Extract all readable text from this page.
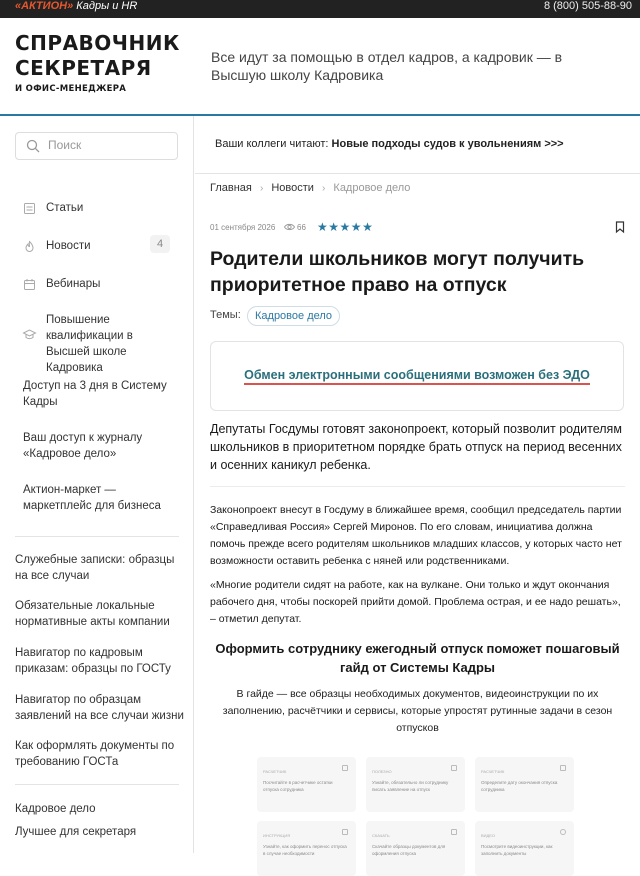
«АКТИОН» Кадры и HR	8 (800) 505-88-90
СПРАВОЧНИК
СЕКРЕТАРЯ
И ОФИС-МЕНЕДЖЕРА
Все идут за помощью в отдел кадров, а кадровик — в Высшую школу Кадровика
Поиск
Статьи
Новости	4
Вебинары
Повышение квалификации в Высшей школе Кадровика
Доступ на 3 дня в Систему Кадры
Ваш доступ к журналу «Кадровое дело»
Актион-маркет — маркетплейс для бизнеса
Служебные записки: образцы на все случаи
Обязательные локальные нормативные акты компании
Навигатор по кадровым приказам: образцы по ГОСТу
Навигатор по образцам заявлений на все случаи жизни
Как оформлять документы по требованию ГОСТа
Кадровое дело
Лучшее для секретаря
Ваши коллеги читают: Новые подходы судов к увольнениям >>>
Главная › Новости › Кадровое дело
01 сентября 2026	66 ★★★★★
Родители школьников могут получить приоритетное право на отпуск
Темы:	Кадровое дело
Обмен электронными сообщениями возможен без ЭДО

Депутаты Госдумы готовят законопроект, который позволит родителям школьников в приоритетном порядке брать отпуск на период весенних и осенних каникул ребенка.

Законопроект внесут в Госдуму в ближайшее время, сообщил председатель партии «Справедливая Россия» Сергей Миронов. По его словам, инициатива должна помочь прежде всего родителям школьников младших классов, у которых часто нет возможности оставить ребенка с няней или родственниками.

«Многие родители сидят на работе, как на вулкане. Они только и ждут окончания рабочего дня, чтобы поскорей прийти домой. Проблема острая, и ее надо решать», – отметил депутат.

Оформить сотруднику ежегодный отпуск поможет пошаговый гайд от Системы Кадры

В гайде — все образцы необходимых документов, видеоинструкции по их заполнению, расчётчики и сервисы, которые упростят рутинные задачи в сезон отпусков

РАСЧЕТЧИК
Посчитайте в расчетчике остатки отпуска сотрудника
ПОЛЕЗНО
Узнайте, обязательно ли сотруднику писать заявление на отпуск
РАСЧЕТЧИК
Определите дату окончания отпуска сотрудника
ИНСТРУКЦИЯ
Узнайте, как оформить перенос отпуска в случае необходимости
СКАЧАТЬ
Скачайте образцы документов для оформления отпуска
ВИДЕО
Посмотрите видеоинструкции, как заполнить документы
